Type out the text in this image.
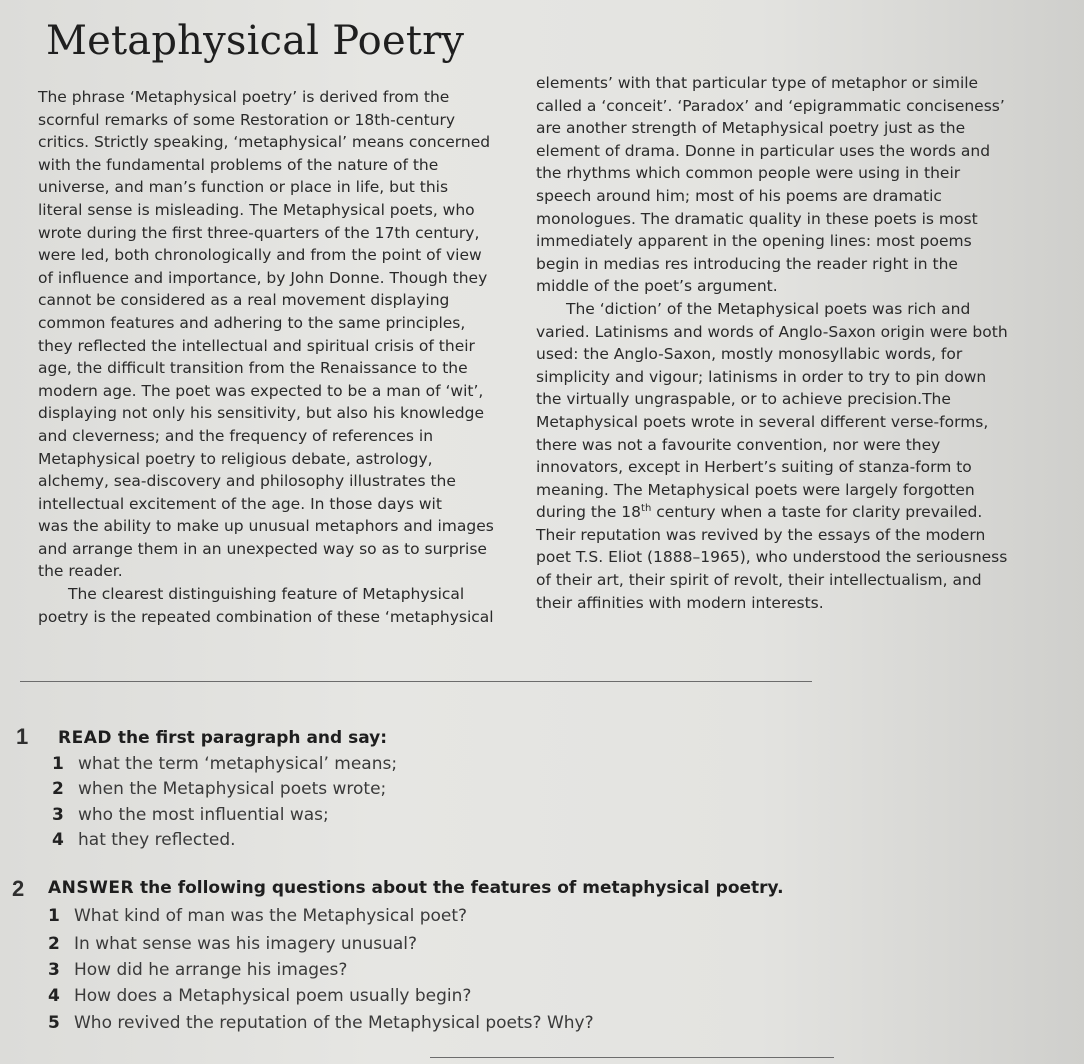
Metaphysical Poetry
The phrase ‘Metaphysical poetry’ is derived from the
scornful remarks of some Restoration or 18th-century
critics. Strictly speaking, ‘metaphysical’ means concerned
with the fundamental problems of the nature of the
universe, and man’s function or place in life, but this
literal sense is misleading. The Metaphysical poets, who
wrote during the first three-quarters of the 17th century,
were led, both chronologically and from the point of view
of influence and importance, by John Donne. Though they
cannot be considered as a real movement displaying
common features and adhering to the same principles,
they reflected the intellectual and spiritual crisis of their
age, the difficult transition from the Renaissance to the
modern age. The poet was expected to be a man of ‘wit’,
displaying not only his sensitivity, but also his knowledge
and cleverness; and the frequency of references in
Metaphysical poetry to religious debate, astrology,
alchemy, sea-discovery and philosophy illustrates the
intellectual excitement of the age. In those days wit
was the ability to make up unusual metaphors and images
and arrange them in an unexpected way so as to surprise
the reader.
The clearest distinguishing feature of Metaphysical
poetry is the repeated combination of these ‘metaphysical
elements’ with that particular type of metaphor or simile
called a ‘conceit’. ‘Paradox’ and ‘epigrammatic conciseness’
are another strength of Metaphysical poetry just as the
element of drama. Donne in particular uses the words and
the rhythms which common people were using in their
speech around him; most of his poems are dramatic
monologues. The dramatic quality in these poets is most
immediately apparent in the opening lines: most poems
begin in medias res introducing the reader right in the
middle of the poet’s argument.
The ‘diction’ of the Metaphysical poets was rich and
varied. Latinisms and words of Anglo-Saxon origin were both
used: the Anglo-Saxon, mostly monosyllabic words, for
simplicity and vigour; latinisms in order to try to pin down
the virtually ungraspable, or to achieve precision.The
Metaphysical poets wrote in several different verse-forms,
there was not a favourite convention, nor were they
innovators, except in Herbert’s suiting of stanza-form to
meaning. The Metaphysical poets were largely forgotten
during the 18th century when a taste for clarity prevailed.
Their reputation was revived by the essays of the modern
poet T.S. Eliot (1888–1965), who understood the seriousness
of their art, their spirit of revolt, their intellectualism, and
their affinities with modern interests.
1 READ the first paragraph and say:
1 what the term ‘metaphysical’ means;
2 when the Metaphysical poets wrote;
3 who the most influential was;
4 hat they reflected.
2 ANSWER the following questions about the features of metaphysical poetry.
1 What kind of man was the Metaphysical poet?
2 In what sense was his imagery unusual?
3 How did he arrange his images?
4 How does a Metaphysical poem usually begin?
5 Who revived the reputation of the Metaphysical poets? Why?
